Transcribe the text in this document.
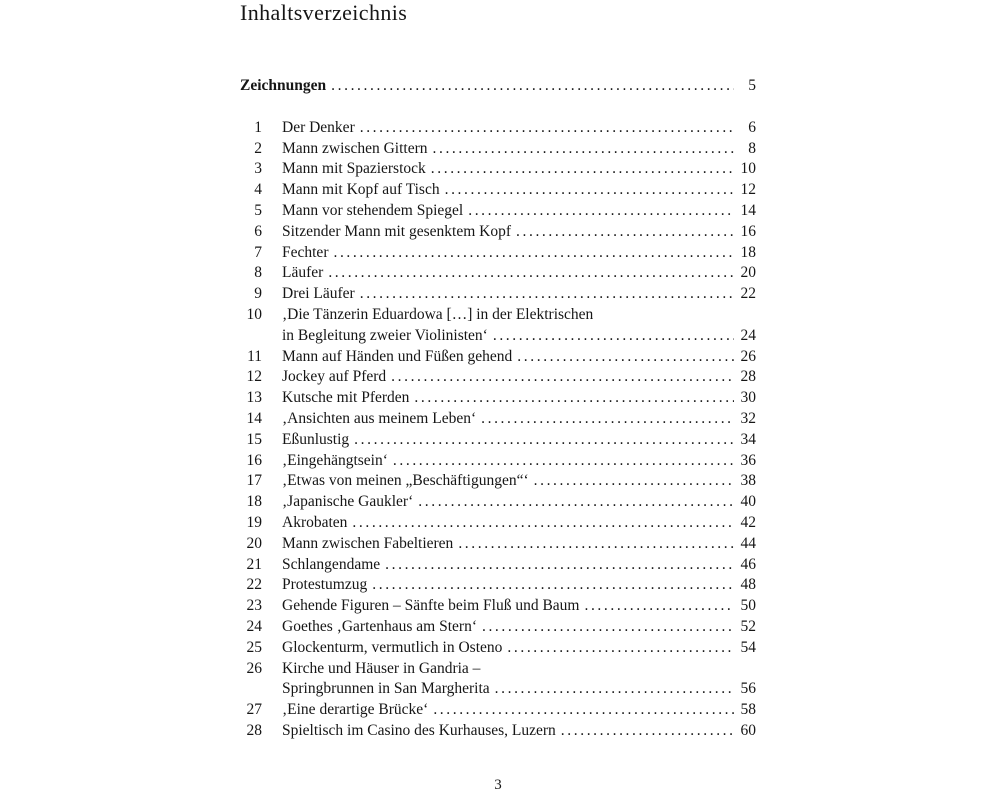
Inhaltsverzeichnis
Zeichnungen .....	5
1 Der Denker .....	6
2 Mann zwischen Gittern .....	8
3 Mann mit Spazierstock .....	10
4 Mann mit Kopf auf Tisch .....	12
5 Mann vor stehendem Spiegel .....	14
6 Sitzender Mann mit gesenktem Kopf .....	16
7 Fechter .....	18
8 Läufer .....	20
9 Drei Läufer .....	22
10 ‚Die Tänzerin Eduardowa […] in der Elektrischen
in Begleitung zweier Violinisten‘ .....	24
11 Mann auf Händen und Füßen gehend .....	26
12 Jockey auf Pferd .....	28
13 Kutsche mit Pferden .....	30
14 ‚Ansichten aus meinem Leben‘ .....	32
15 Eßunlustig .....	34
16 ‚Eingehängtsein‘ .....	36
17 ‚Etwas von meinen „Beschäftigungen“‘ .....	38
18 ‚Japanische Gaukler‘ .....	40
19 Akrobaten .....	42
20 Mann zwischen Fabeltieren .....	44
21 Schlangendame .....	46
22 Protestumzug .....	48
23 Gehende Figuren – Sänfte beim Fluß und Baum .....	50
24 Goethes ‚Gartenhaus am Stern‘ .....	52
25 Glockenturm, vermutlich in Osteno .....	54
26 Kirche und Häuser in Gandria –
Springbrunnen in San Margherita .....	56
27 ‚Eine derartige Brücke‘ .....	58
28 Spieltisch im Casino des Kurhauses, Luzern .....	60
3
